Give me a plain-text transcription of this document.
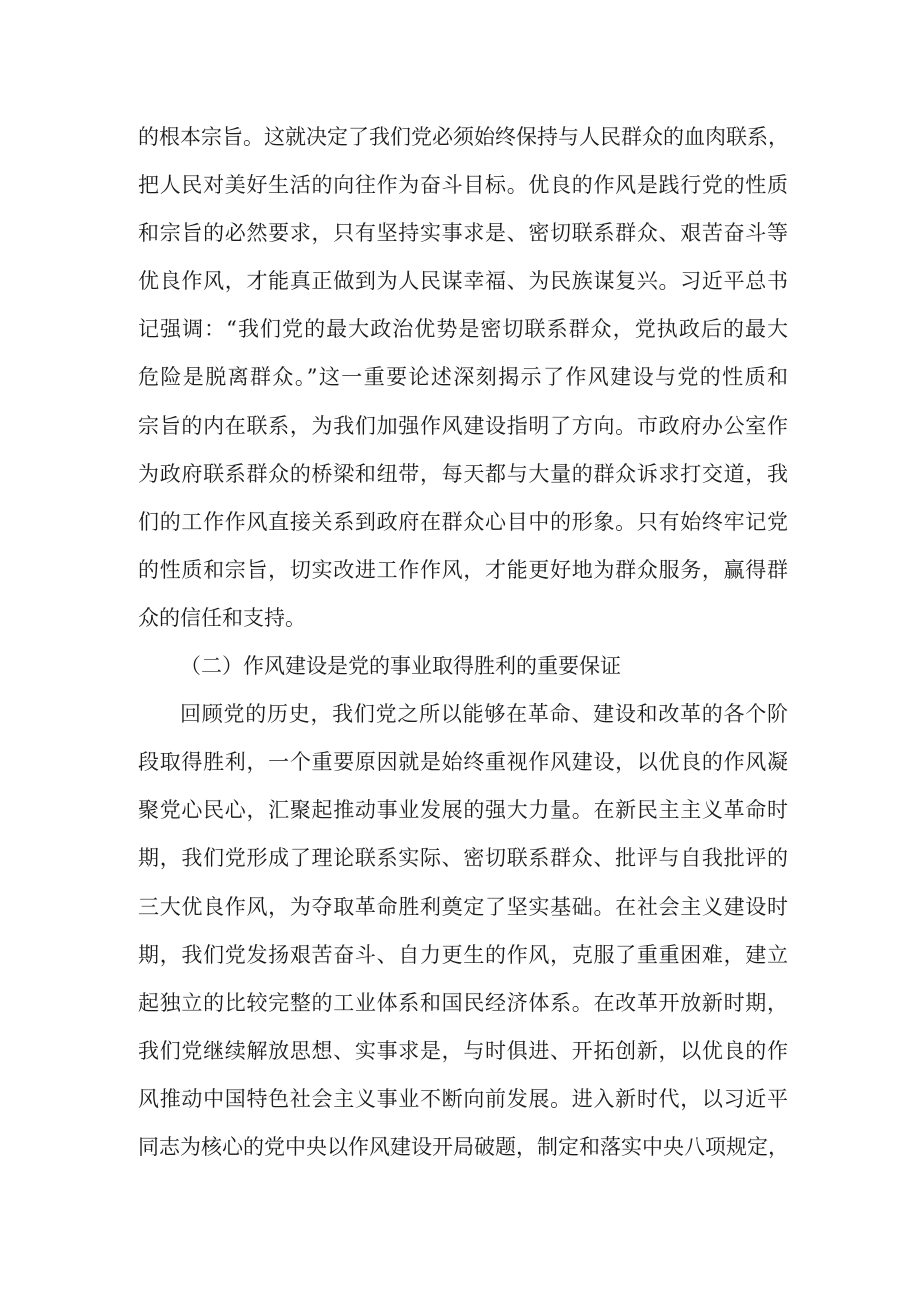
的根本宗旨。这就决定了我们党必须始终保持与人民群众的血肉联系，
把人民对美好生活的向往作为奋斗目标。优良的作风是践行党的性质
和宗旨的必然要求，只有坚持实事求是、密切联系群众、艰苦奋斗等
优良作风，才能真正做到为人民谋幸福、为民族谋复兴。习近平总书
记强调：“我们党的最大政治优势是密切联系群众，党执政后的最大
危险是脱离群众。”这一重要论述深刻揭示了作风建设与党的性质和
宗旨的内在联系，为我们加强作风建设指明了方向。市政府办公室作
为政府联系群众的桥梁和纽带，每天都与大量的群众诉求打交道，我
们的工作作风直接关系到政府在群众心目中的形象。只有始终牢记党
的性质和宗旨，切实改进工作作风，才能更好地为群众服务，赢得群
众的信任和支持。
（二）作风建设是党的事业取得胜利的重要保证
回顾党的历史，我们党之所以能够在革命、建设和改革的各个阶
段取得胜利，一个重要原因就是始终重视作风建设，以优良的作风凝
聚党心民心，汇聚起推动事业发展的强大力量。在新民主主义革命时
期，我们党形成了理论联系实际、密切联系群众、批评与自我批评的
三大优良作风，为夺取革命胜利奠定了坚实基础。在社会主义建设时
期，我们党发扬艰苦奋斗、自力更生的作风，克服了重重困难，建立
起独立的比较完整的工业体系和国民经济体系。在改革开放新时期，
我们党继续解放思想、实事求是，与时俱进、开拓创新，以优良的作
风推动中国特色社会主义事业不断向前发展。进入新时代，以习近平
同志为核心的党中央以作风建设开局破题，制定和落实中央八项规定，
